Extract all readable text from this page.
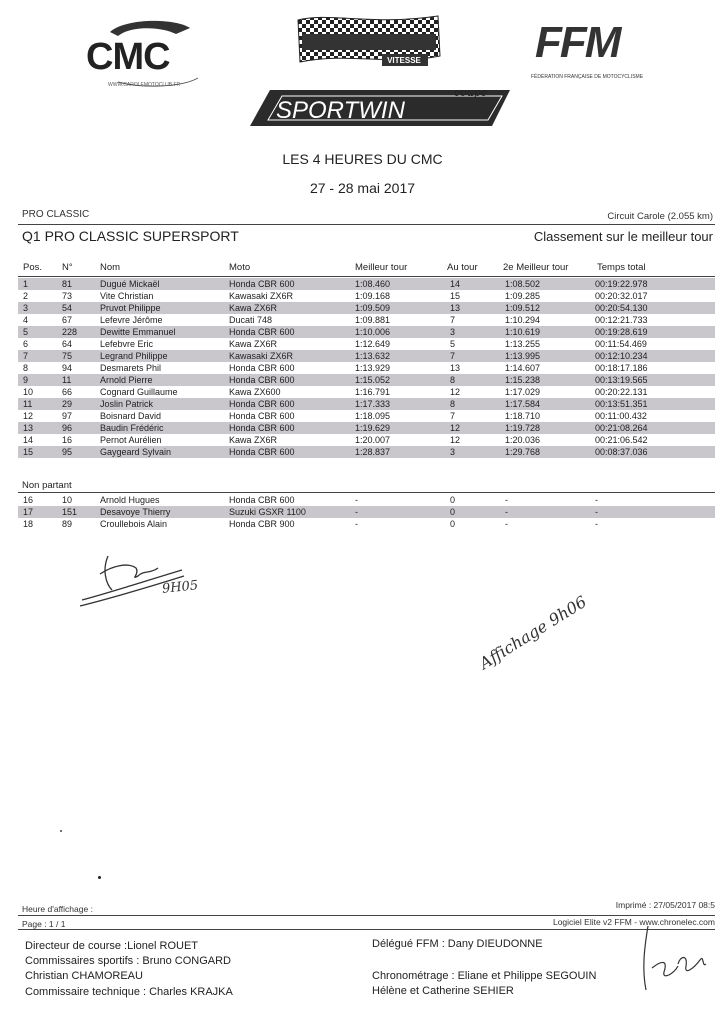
CMC
WWW.CAROLEMOTOCLUB.FR
VITESSE	FFM
FÉDÉRATION FRANÇAISE DE MOTOCYCLISME
SPORTWIN
coupe
LES 4 HEURES DU CMC
27 - 28 mai 2017
PRO CLASSIC	Circuit Carole (2.055 km)
Q1 PRO CLASSIC SUPERSPORT	Classement sur le meilleur tour
Pos. N°	Nom	Moto	Meilleur tour	Au tour	2e Meilleur tour	Temps total
1	81	Dugué Mickaël	Honda CBR 600	1:08.460	14	1:08.502	00:19:22.978
2	73	Vite Christian	Kawasaki ZX6R	1:09.168	15	1:09.285	00:20:32.017
3	54	Pruvot Philippe	Kawa ZX6R	1:09.509	13	1:09.512	00:20:54.130
4	67	Lefevre Jérôme	Ducati 748	1:09.881	7	1:10.294	00:12:21.733
5	228	Dewitte Emmanuel	Honda CBR 600	1:10.006	3	1:10.619	00:19:28.619
6	64	Lefebvre Eric	Kawa ZX6R	1:12.649	5	1:13.255	00:11:54.469
7	75	Legrand Philippe	Kawasaki ZX6R	1:13.632	7	1:13.995	00:12:10.234
8	94	Desmarets Phil	Honda CBR 600	1:13.929	13	1:14.607	00:18:17.186
9	11	Arnold Pierre	Honda CBR 600	1:15.052	8	1:15.238	00:13:19.565
10	66	Cognard Guillaume	Kawa ZX600	1:16.791	12	1:17.029	00:20:22.131
11	29	Joslin Patrick	Honda CBR 600	1:17.333	8	1:17.584	00:13:51.351
12	97	Boisnard David	Honda CBR 600	1:18.095	7	1:18.710	00:11:00.432
13	96	Baudin Frédéric	Honda CBR 600	1:19.629	12	1:19.728	00:21:08.264
14	16	Pernot Aurélien	Kawa ZX6R	1:20.007	12	1:20.036	00:21:06.542
15	95	Gaygeard Sylvain	Honda CBR 600	1:28.837	3	1:29.768	00:08:37.036
Non partant
16	10	Arnold Hugues	Honda CBR 600	-	0	-	-
17	151	Desavoye Thierry	Suzuki GSXR 1100	-	0	-	-
18	89	Croullebois Alain	Honda CBR 900	-	0	-	-
9H05
Affichage 9h06
Heure d'affichage :	Imprimé : 27/05/2017 08:5
Page : 1 / 1	Logiciel Elite v2 FFM - www.chronelec.com
Directeur de course :Lionel ROUET
Commissaires sportifs : Bruno CONGARD
Christian CHAMOREAU
Commissaire technique : Charles KRAJKA
Délégué FFM : Dany DIEUDONNE
Chronométrage : Eliane et Philippe SEGOUIN
Hélène et Catherine SEHIER
